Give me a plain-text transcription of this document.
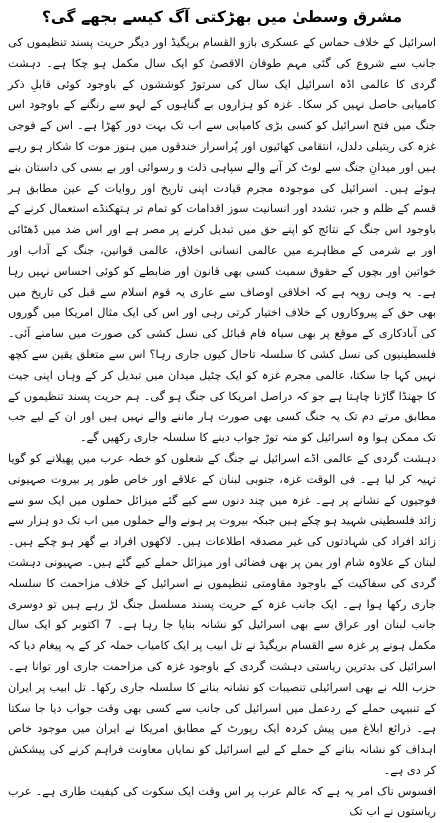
مشرق وسطیٰ میں بھڑکتی آگ کیسے بجھے گی؟

اسرائیل کے خلاف حماس کے عسکری بازو القسام بریگیڈ اور دیگر حریت پسند تنظیموں کی جانب سے شروع کی گئی مہم طوفان الاقصیٰ کو ایک سال مکمل ہو چکا ہے۔ دہشت گردی کا عالمی اڈہ اسرائیل ایک سال کی سرتوڑ کوششوں کے باوجود کوئی قابلِ ذکر کامیابی حاصل نہیں کر سکا۔ غزہ کو ہزاروں بے گناہوں کے لہو سے رنگنے کے باوجود اس جنگ میں فتح اسرائیل کو کسی بڑی کامیابی سے اب تک بہت دور کھڑا ہے۔ اس کے فوجی غزہ کی ریتیلی دلدل، انتقامی کھائیوں اور پُراسرار خندقوں میں ہنوز موت کا شکار ہو رہے ہیں اور میدانِ جنگ سے لوٹ کر آنے والے سپاہی ذلت و رسوائی اور بے بسی کی داستان بنے ہوئے ہیں۔ اسرائیل کی موجودہ مجرم قیادت اپنی تاریخ اور روایات کے عین مطابق ہر قسم کے ظلم و جبر، تشدد اور انسانیت سوز اقدامات کو تمام تر ہتھکنڈے استعمال کرنے کے باوجود اس جنگ کے نتائج کو اپنے حق میں تبدیل کرنے پر مصر ہے اور اس ضد میں ڈھٹائی اور بے شرمی کے مظاہرے میں عالمی انسانی اخلاق، عالمی قوانین، جنگ کے آداب اور خواتین اور بچوں کے حقوق سمیت کسی بھی قانون اور ضابطے کو کوئی احساس نہیں رہا ہے۔ یہ وہی رویہ ہے کہ اخلاقی اوصاف سے عاری یہ قوم اسلام سے قبل کی تاریخ میں بھی حق کے پیروکاروں کے خلاف اختیار کرتی رہی اور اس کی ایک مثال امریکا میں گوروں کی آبادکاری کے موقع پر بھی سیاہ فام قبائل کی نسل کشی کی صورت میں سامنے آئی۔ فلسطینیوں کی نسل کشی کا سلسلہ تاحال کیوں جاری رہا؟ اس سے متعلق یقین سے کچھ نہیں کہا جا سکتا، عالمی مجرم غزہ کو ایک چٹیل میدان میں تبدیل کر کے وہاں اپنی جیت کا جھنڈا گاڑنا چاہتا ہے جو کہ دراصل امریکا کی جنگ ہو گی۔ ہم حریت پسند تنظیموں کے مطابق مرتے دم تک یہ جنگ کسی بھی صورت ہار ماننے والے نہیں ہیں اور ان کے لیے جب تک ممکن ہوا وہ اسرائیل کو منہ توڑ جواب دینے کا سلسلہ جاری رکھیں گے۔

دہشت گردی کے عالمی اڈے اسرائیل نے جنگ کے شعلوں کو خطہ عرب میں پھیلانے کو گویا تہیہ کر لیا ہے۔ فی الوقت غزہ، جنوبی لبنان کے علاقے اور خاص طور پر بیروت صہیونی فوجیوں کے نشانے پر ہے۔ غزہ میں چند دنوں سے کیے گئے میزائل حملوں میں ایک سو سے زائد فلسطینی شہید ہو چکے ہیں جبکہ بیروت پر ہونے والے حملوں میں اب تک دو ہزار سے زائد افراد کی شہادتوں کی غیر مصدقہ اطلاعات ہیں۔ لاکھوں افراد بے گھر ہو چکے ہیں۔ لبنان کے علاوہ شام اور یمن پر بھی فضائی اور میزائل حملے کیے گئے ہیں۔ صہیونی دہشت گردی کی سفاکیت کے باوجود مقاومتی تنظیموں نے اسرائیل کے خلاف مزاحمت کا سلسلہ جاری رکھا ہوا ہے۔ ایک جانب غزہ کے حریت پسند مسلسل جنگ لڑ رہے ہیں تو دوسری جانب لبنان اور عراق سے بھی اسرائیل کو نشانہ بنایا جا رہا ہے۔ 7 اکتوبر کو ایک سال مکمل ہونے پر غزہ سے القسام بریگیڈ نے تل ابیب پر ایک کامیاب حملہ کر کے یہ پیغام دیا کہ اسرائیل کی بدترین ریاستی دہشت گردی کے باوجود غزہ کی مزاحمت جاری اور توانا ہے۔ حزب اللہ نے بھی اسرائیلی تنصیبات کو نشانہ بنانے کا سلسلہ جاری رکھا۔ تل ابیب پر ایران کے تنبیہی حملے کے ردعمل میں اسرائیل کی جانب سے کسی بھی وقت جواب دیا جا سکتا ہے۔ ذرائع ابلاغ میں پیش کردہ ایک رپورٹ کے مطابق امریکا نے ایران میں موجود خاص اہداف کو نشانہ بنانے کے حملے کے لیے اسرائیل کو نمایاں معاونت فراہم کرنے کی پیشکش کر دی ہے۔

افسوس ناک امر یہ ہے کہ عالم عرب پر اس وقت ایک سکوت کی کیفیت طاری ہے۔ عرب ریاستوں نے اب تک
